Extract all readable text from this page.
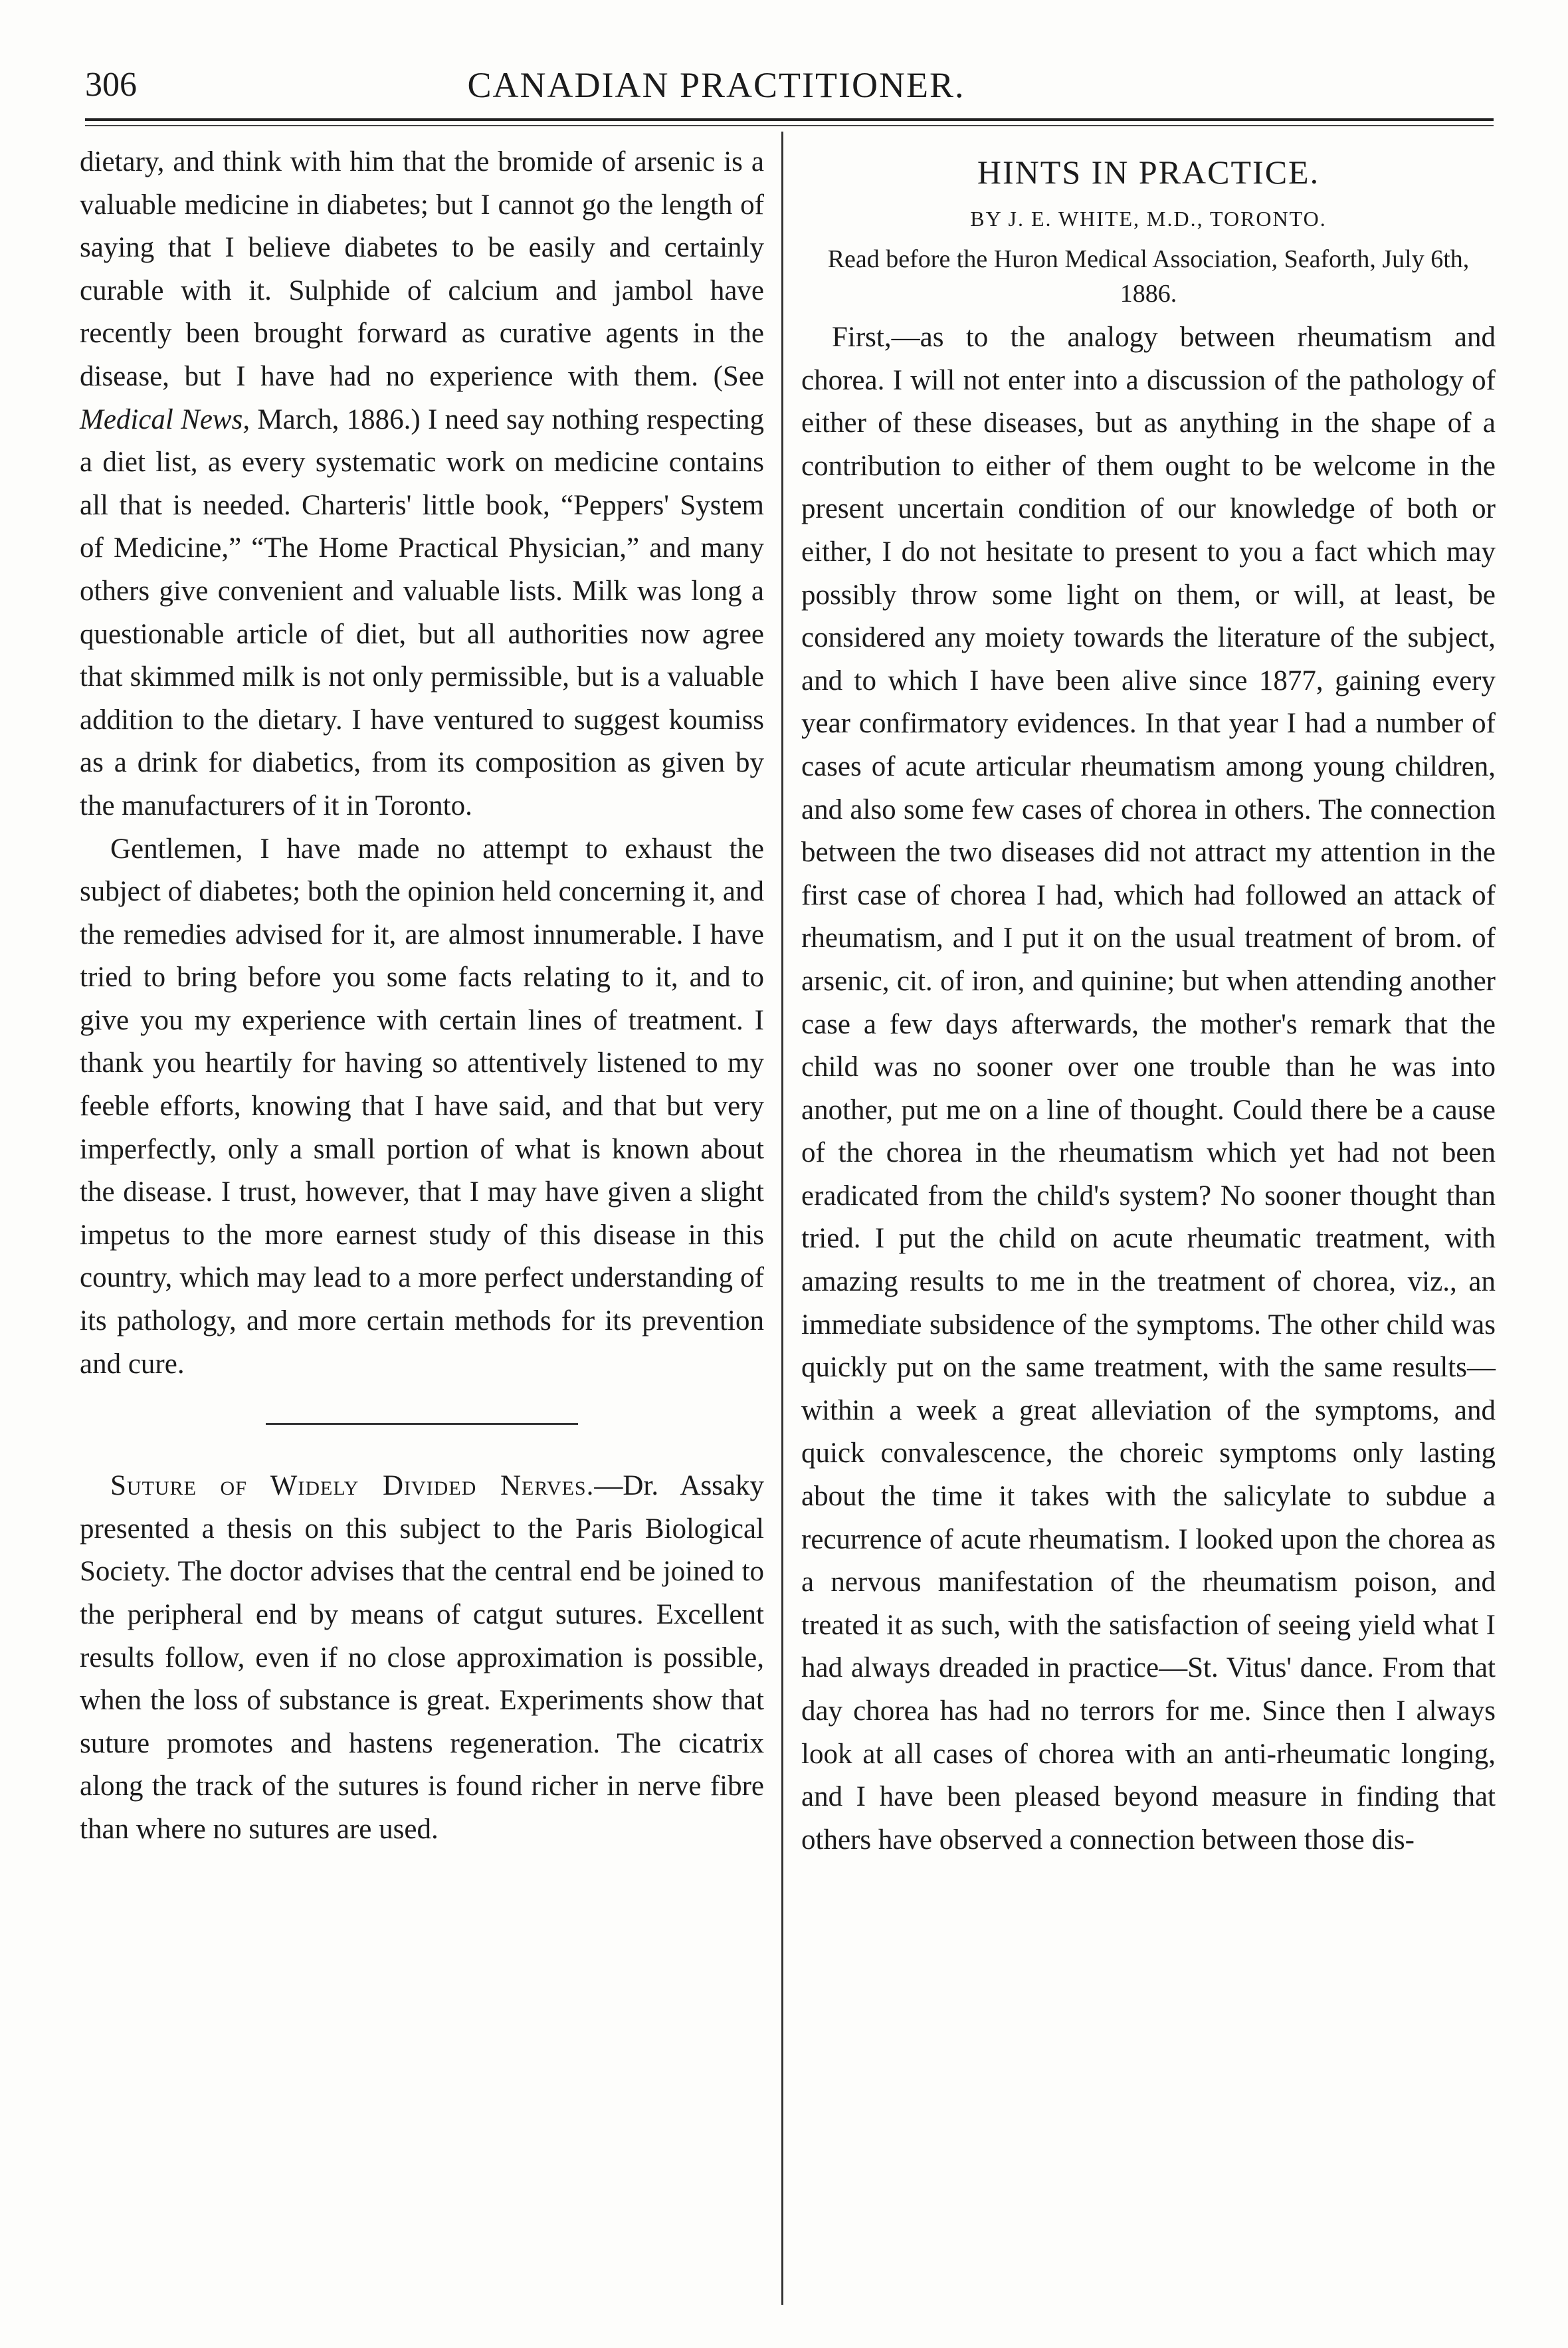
306	CANADIAN PRACTITIONER.

dietary, and think with him that the bromide of arsenic is a valuable medicine in diabetes; but I cannot go the length of saying that I believe diabetes to be easily and certainly curable with it. Sulphide of calcium and jambol have recently been brought forward as curative agents in the disease, but I have had no experience with them. (See Medical News, March, 1886.) I need say nothing respecting a diet list, as every systematic work on medicine contains all that is needed. Charteris' little book, “Peppers' System of Medicine,” “The Home Practical Physician,” and many others give convenient and valuable lists. Milk was long a questionable article of diet, but all authorities now agree that skimmed milk is not only permissible, but is a valuable addition to the dietary. I have ventured to suggest koumiss as a drink for diabetics, from its composition as given by the manufacturers of it in Toronto.

Gentlemen, I have made no attempt to exhaust the subject of diabetes; both the opinion held concerning it, and the remedies advised for it, are almost innumerable. I have tried to bring before you some facts relating to it, and to give you my experience with certain lines of treatment. I thank you heartily for having so attentively listened to my feeble efforts, knowing that I have said, and that but very imperfectly, only a small portion of what is known about the disease. I trust, however, that I may have given a slight impetus to the more earnest study of this disease in this country, which may lead to a more perfect understanding of its pathology, and more certain methods for its prevention and cure.

Suture of Widely Divided Nerves.—Dr. Assaky presented a thesis on this subject to the Paris Biological Society. The doctor advises that the central end be joined to the peripheral end by means of catgut sutures. Excellent results follow, even if no close approximation is possible, when the loss of substance is great. Experiments show that suture promotes and hastens regeneration. The cicatrix along the track of the sutures is found richer in nerve fibre than where no sutures are used.

HINTS IN PRACTICE.
BY J. E. WHITE, M.D., TORONTO.
Read before the Huron Medical Association, Seaforth, July 6th, 1886.

First,—as to the analogy between rheumatism and chorea. I will not enter into a discussion of the pathology of either of these diseases, but as anything in the shape of a contribution to either of them ought to be welcome in the present uncertain condition of our knowledge of both or either, I do not hesitate to present to you a fact which may possibly throw some light on them, or will, at least, be considered any moiety towards the literature of the subject, and to which I have been alive since 1877, gaining every year confirmatory evidences. In that year I had a number of cases of acute articular rheumatism among young children, and also some few cases of chorea in others. The connection between the two diseases did not attract my attention in the first case of chorea I had, which had followed an attack of rheumatism, and I put it on the usual treatment of brom. of arsenic, cit. of iron, and quinine; but when attending another case a few days afterwards, the mother's remark that the child was no sooner over one trouble than he was into another, put me on a line of thought. Could there be a cause of the chorea in the rheumatism which yet had not been eradicated from the child's system? No sooner thought than tried. I put the child on acute rheumatic treatment, with amazing results to me in the treatment of chorea, viz., an immediate subsidence of the symptoms. The other child was quickly put on the same treatment, with the same results—within a week a great alleviation of the symptoms, and quick convalescence, the choreic symptoms only lasting about the time it takes with the salicylate to subdue a recurrence of acute rheumatism. I looked upon the chorea as a nervous manifestation of the rheumatism poison, and treated it as such, with the satisfaction of seeing yield what I had always dreaded in practice—St. Vitus' dance. From that day chorea has had no terrors for me. Since then I always look at all cases of chorea with an anti-rheumatic longing, and I have been pleased beyond measure in finding that others have observed a connection between those dis-
